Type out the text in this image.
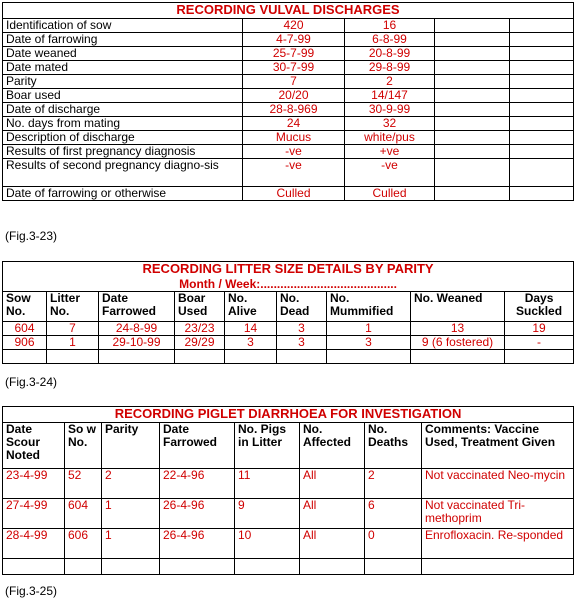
RECORDING VULVAL DISCHARGES				
Identification of sow	420	16		
Date of farrowing	4-7-99	6-8-99		
Date weaned	25-7-99	20-8-99		
Date mated	30-7-99	29-8-99		
Parity	7	2		
Boar used	20/20	14/147		
Date of discharge	28-8-969	30-9-99		
No. days from mating	24	32		
Description of discharge	Mucus	white/pus		
Results of first pregnancy diagnosis	-ve	+ve		
Results of second pregnancy diagno-sis	-ve	-ve		
Date of farrowing or otherwise	Culled	Culled		
(Fig.3-23)
RECORDING LITTER SIZE DETAILS BY PARITY								
Month / Week:.........................................								
Sow No.	Litter No.	Date Farrowed	Boar Used	No. Alive	No. Dead	No. Mummified	No. Weaned	Days Suckled
604	7	24-8-99	23/23	14	3	1	13	19
906	1	29-10-99	29/29	3	3	3	9 (6 fostered)	-

(Fig.3-24)
RECORDING PIGLET DIARRHOEA FOR INVESTIGATION							
Date Scour Noted	So w No.	Parity	Date Farrowed	No. Pigs in Litter	No. Affected	No. Deaths	Comments: Vaccine Used, Treatment Given
23-4-99	52	2	22-4-96	11	All	2	Not vaccinated Neo-mycin
27-4-99	604	1	26-4-96	9	All	6	Not vaccinated Tri-methoprim
28-4-99	606	1	26-4-96	10	All	0	Enrofloxacin. Re-sponded

(Fig.3-25)
